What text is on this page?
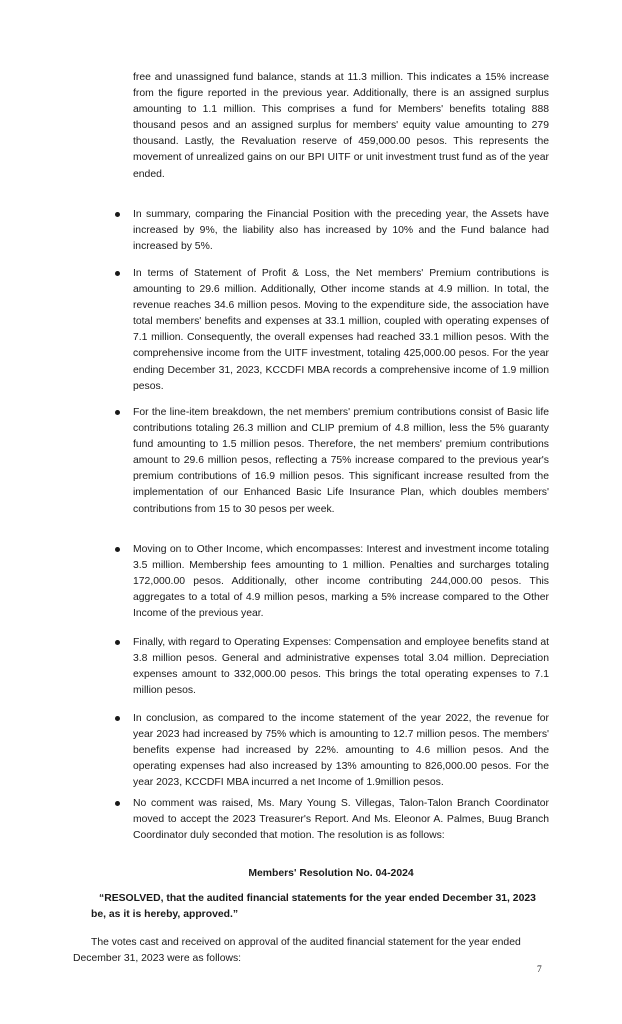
free and unassigned fund balance, stands at 11.3 million. This indicates a 15% increase from the figure reported in the previous year. Additionally, there is an assigned surplus amounting to 1.1 million. This comprises a fund for Members' benefits totaling 888 thousand pesos and an assigned surplus for members' equity value amounting to 279 thousand. Lastly, the Revaluation reserve of 459,000.00 pesos. This represents the movement of unrealized gains on our BPI UITF or unit investment trust fund as of the year ended.

In summary, comparing the Financial Position with the preceding year, the Assets have increased by 9%, the liability also has increased by 10% and the Fund balance had increased by 5%.
In terms of Statement of Profit & Loss, the Net members' Premium contributions is amounting to 29.6 million. Additionally, Other income stands at 4.9 million. In total, the revenue reaches 34.6 million pesos. Moving to the expenditure side, the association have total members' benefits and expenses at 33.1 million, coupled with operating expenses of 7.1 million. Consequently, the overall expenses had reached 33.1 million pesos. With the comprehensive income from the UITF investment, totaling 425,000.00 pesos. For the year ending December 31, 2023, KCCDFI MBA records a comprehensive income of 1.9 million pesos.
For the line-item breakdown, the net members' premium contributions consist of Basic life contributions totaling 26.3 million and CLIP premium of 4.8 million, less the 5% guaranty fund amounting to 1.5 million pesos. Therefore, the net members' premium contributions amount to 29.6 million pesos, reflecting a 75% increase compared to the previous year's premium contributions of 16.9 million pesos. This significant increase resulted from the implementation of our Enhanced Basic Life Insurance Plan, which doubles members' contributions from 15 to 30 pesos per week.
Moving on to Other Income, which encompasses: Interest and investment income totaling 3.5 million. Membership fees amounting to 1 million. Penalties and surcharges totaling 172,000.00 pesos. Additionally, other income contributing 244,000.00 pesos. This aggregates to a total of 4.9 million pesos, marking a 5% increase compared to the Other Income of the previous year.
Finally, with regard to Operating Expenses: Compensation and employee benefits stand at 3.8 million pesos. General and administrative expenses total 3.04 million. Depreciation expenses amount to 332,000.00 pesos. This brings the total operating expenses to 7.1 million pesos.
In conclusion, as compared to the income statement of the year 2022, the revenue for year 2023 had increased by 75% which is amounting to 12.7 million pesos. The members' benefits expense had increased by 22%. amounting to 4.6 million pesos. And the operating expenses had also increased by 13% amounting to 826,000.00 pesos. For the year 2023, KCCDFI MBA incurred a net Income of 1.9million pesos.
No comment was raised, Ms. Mary Young S. Villegas, Talon-Talon Branch Coordinator moved to accept the 2023 Treasurer's Report. And Ms. Eleonor A. Palmes, Buug Branch Coordinator duly seconded that motion. The resolution is as follows:
Members' Resolution No. 04-2024
“RESOLVED, that the audited financial statements for the year ended December 31, 2023 be, as it is hereby, approved.”
The votes cast and received on approval of the audited financial statement for the year ended December 31, 2023 were as follows:
7
